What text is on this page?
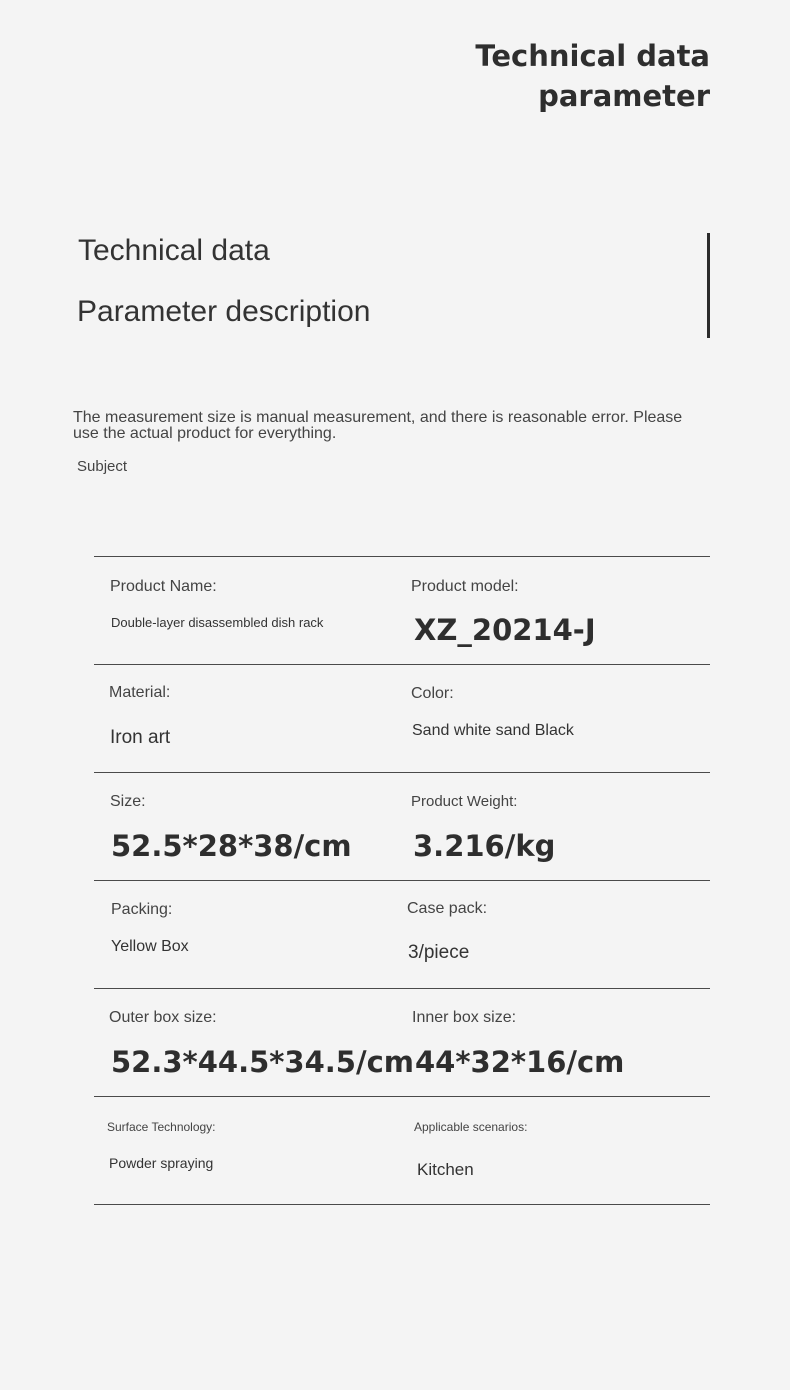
Technical data
parameter
Technical data
Parameter description
The measurement size is manual measurement, and there is reasonable error. Please use the actual product for everything.
Subject
Product Name:
Double-layer disassembled dish rack
Product model:
XZ_20214-J
Material:
Iron art
Color:
Sand white sand Black
Size:
52.5*28*38/cm
Product Weight:
3.216/kg
Packing:
Yellow Box
Case pack:
3/piece
Outer box size:
52.3*44.5*34.5/cm
Inner box size:
44*32*16/cm
Surface Technology:
Powder spraying
Applicable scenarios:
Kitchen
